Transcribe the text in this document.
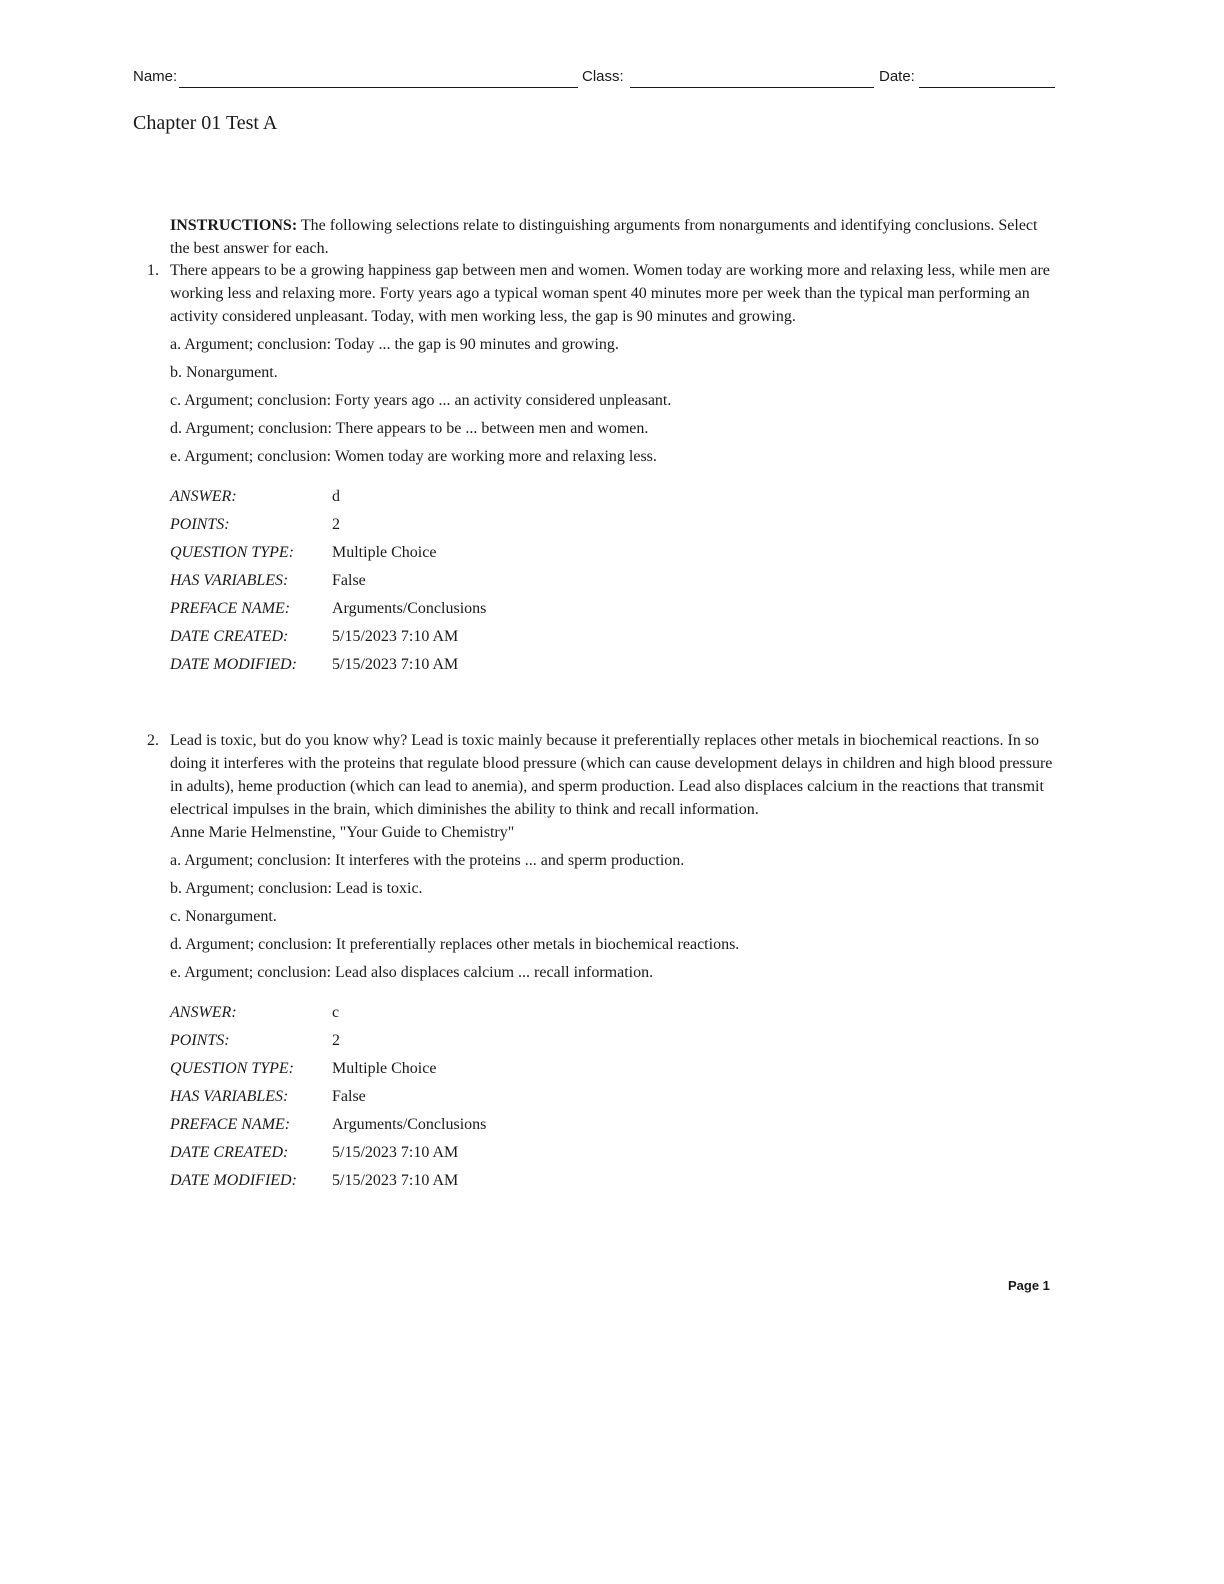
Name:	Class:	Date:
Chapter 01 Test A
INSTRUCTIONS: The following selections relate to distinguishing arguments from nonarguments and identifying conclusions. Select the best answer for each.
1. There appears to be a growing happiness gap between men and women. Women today are working more and relaxing less, while men are working less and relaxing more. Forty years ago a typical woman spent 40 minutes more per week than the typical man performing an activity considered unpleasant. Today, with men working less, the gap is 90 minutes and growing.
a. Argument; conclusion: Today ... the gap is 90 minutes and growing.
b. Nonargument.
c. Argument; conclusion: Forty years ago ... an activity considered unpleasant.
d. Argument; conclusion: There appears to be ... between men and women.
e. Argument; conclusion: Women today are working more and relaxing less.
ANSWER:	d
POINTS:	2
QUESTION TYPE:	Multiple Choice
HAS VARIABLES:	False
PREFACE NAME:	Arguments/Conclusions
DATE CREATED:	5/15/2023 7:10 AM
DATE MODIFIED:	5/15/2023 7:10 AM
2. Lead is toxic, but do you know why? Lead is toxic mainly because it preferentially replaces other metals in biochemical reactions. In so doing it interferes with the proteins that regulate blood pressure (which can cause development delays in children and high blood pressure in adults), heme production (which can lead to anemia), and sperm production. Lead also displaces calcium in the reactions that transmit electrical impulses in the brain, which diminishes the ability to think and recall information.
Anne Marie Helmenstine, "Your Guide to Chemistry"
a. Argument; conclusion: It interferes with the proteins ... and sperm production.
b. Argument; conclusion: Lead is toxic.
c. Nonargument.
d. Argument; conclusion: It preferentially replaces other metals in biochemical reactions.
e. Argument; conclusion: Lead also displaces calcium ... recall information.
ANSWER:	c
POINTS:	2
QUESTION TYPE:	Multiple Choice
HAS VARIABLES:	False
PREFACE NAME:	Arguments/Conclusions
DATE CREATED:	5/15/2023 7:10 AM
DATE MODIFIED:	5/15/2023 7:10 AM
Page 1
